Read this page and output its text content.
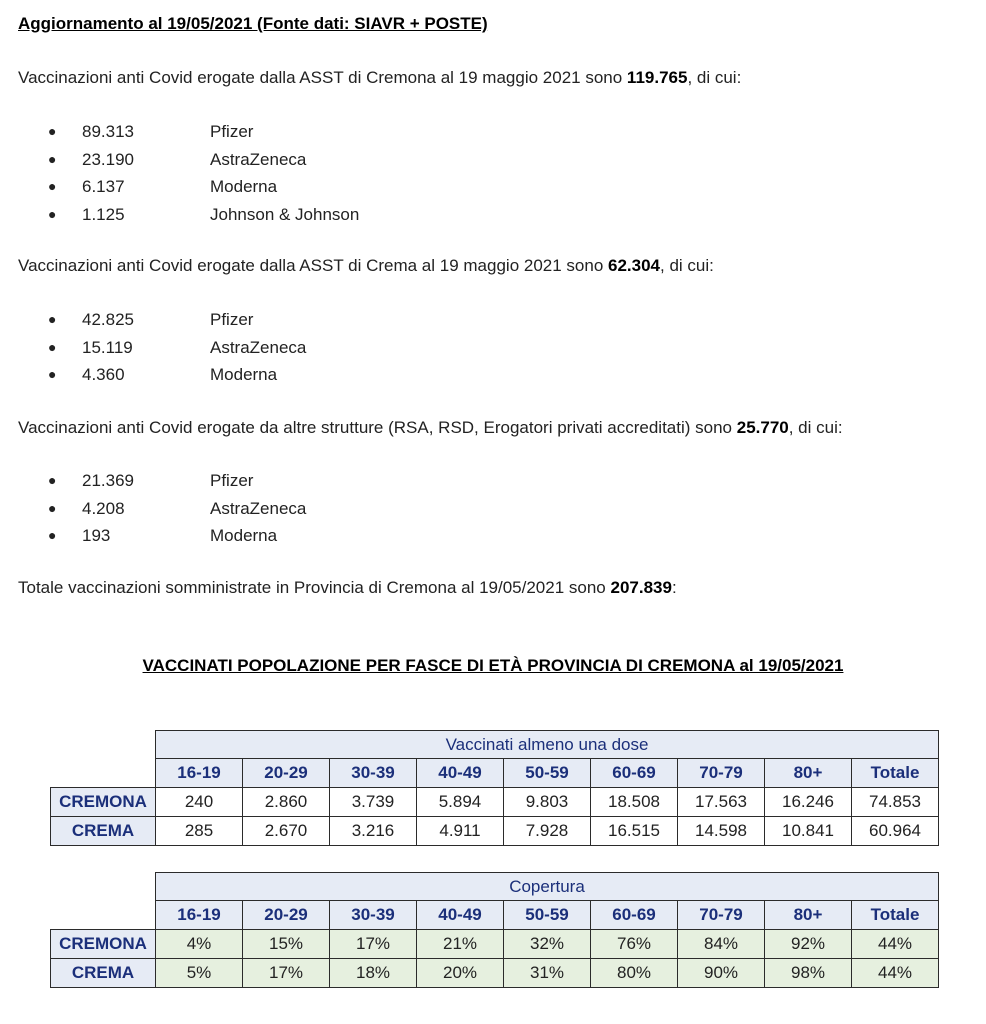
Aggiornamento al 19/05/2021 (Fonte dati: SIAVR + POSTE)
Vaccinazioni anti Covid erogate dalla ASST di Cremona al 19 maggio 2021 sono 119.765, di cui:
● 89.313	Pfizer
● 23.190	AstraZeneca
● 6.137	Moderna
● 1.125	Johnson & Johnson
Vaccinazioni anti Covid erogate dalla ASST di Crema al 19 maggio 2021 sono 62.304, di cui:
● 42.825	Pfizer
● 15.119	AstraZeneca
● 4.360	Moderna
Vaccinazioni anti Covid erogate da altre strutture (RSA, RSD, Erogatori privati accreditati) sono 25.770, di cui:
● 21.369	Pfizer
● 4.208	AstraZeneca
● 193	Moderna
Totale vaccinazioni somministrate in Provincia di Cremona al 19/05/2021 sono 207.839:
VACCINATI POPOLAZIONE PER FASCE DI ETÀ PROVINCIA DI CREMONA al 19/05/2021
	Vaccinati almeno una dose								
	16-19	20-29	30-39	40-49	50-59	60-69	70-79	80+	Totale
CREMONA	240	2.860	3.739	5.894	9.803	18.508	17.563	16.246	74.853
CREMA	285	2.670	3.216	4.911	7.928	16.515	14.598	10.841	60.964
	Copertura								
	16-19	20-29	30-39	40-49	50-59	60-69	70-79	80+	Totale
CREMONA	4%	15%	17%	21%	32%	76%	84%	92%	44%
CREMA	5%	17%	18%	20%	31%	80%	90%	98%	44%
